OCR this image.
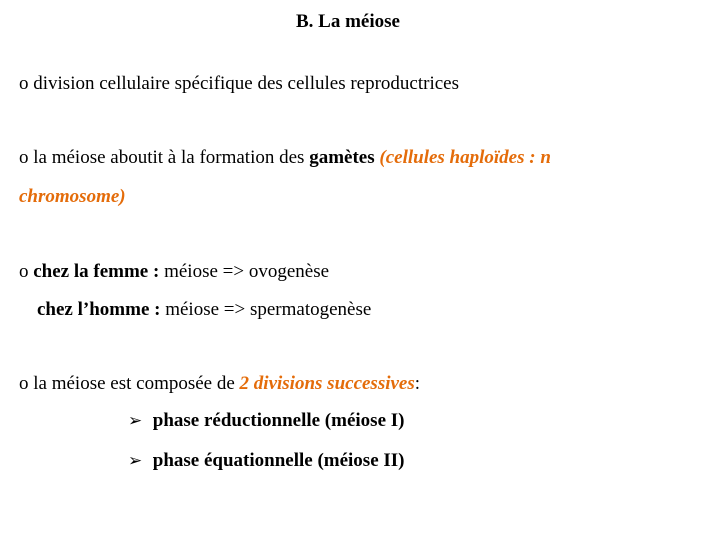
B. La méiose
o division cellulaire spécifique des cellules reproductrices
o la méiose aboutit à la formation des gamètes (cellules haploïdes : n
chromosome)
o chez la femme : méiose => ovogenèse
chez l’homme : méiose => spermatogenèse
o la méiose est composée de 2 divisions successives:
➢ phase réductionnelle (méiose I)
➢ phase équationnelle (méiose II)
